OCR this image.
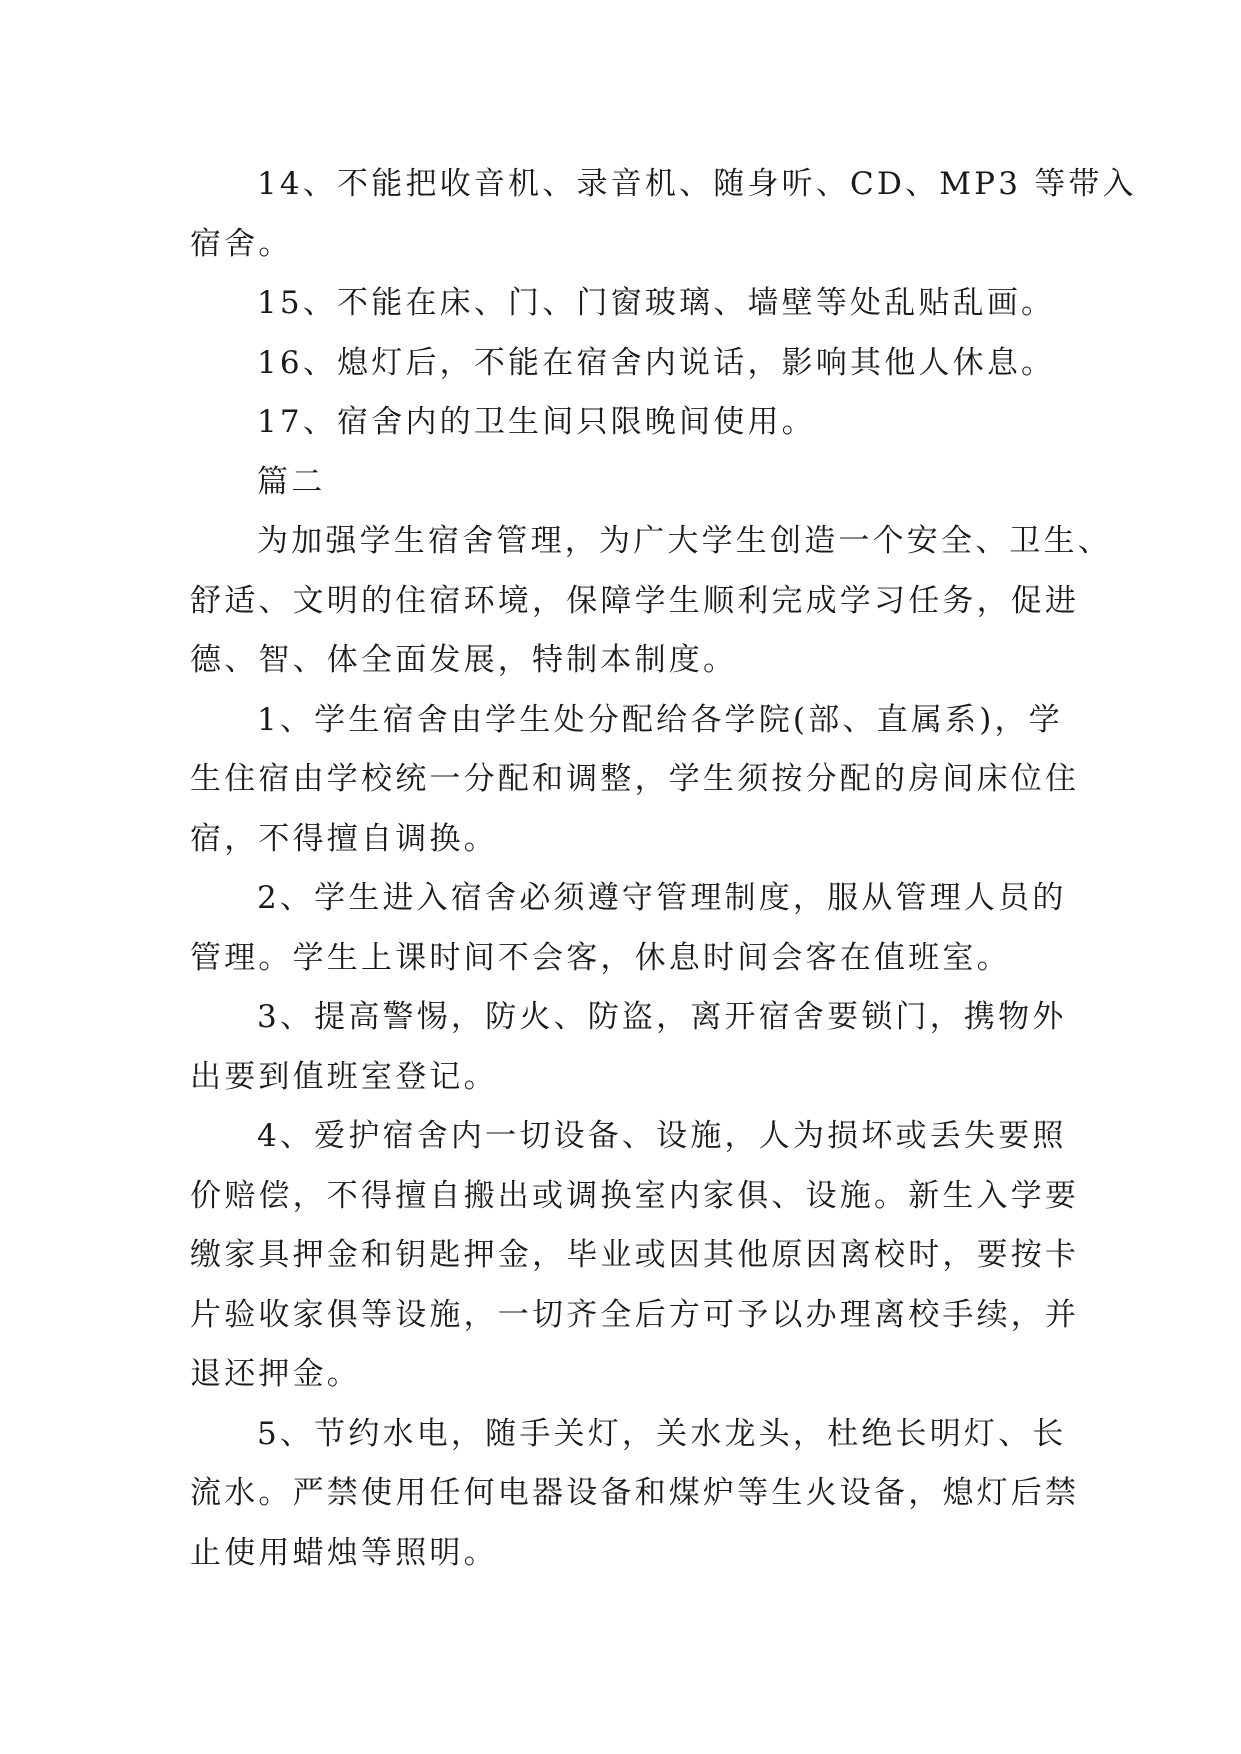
14、不能把收音机、录音机、随身听、CD、MP3 等带入
宿舍。
15、不能在床、门、门窗玻璃、墙壁等处乱贴乱画。
16、熄灯后，不能在宿舍内说话，影响其他人休息。
17、宿舍内的卫生间只限晚间使用。
篇二
为加强学生宿舍管理，为广大学生创造一个安全、卫生、
舒适、文明的住宿环境，保障学生顺利完成学习任务，促进
德、智、体全面发展，特制本制度。
1、学生宿舍由学生处分配给各学院(部、直属系)，学
生住宿由学校统一分配和调整，学生须按分配的房间床位住
宿，不得擅自调换。
2、学生进入宿舍必须遵守管理制度，服从管理人员的
管理。学生上课时间不会客，休息时间会客在值班室。
3、提高警惕，防火、防盗，离开宿舍要锁门，携物外
出要到值班室登记。
4、爱护宿舍内一切设备、设施，人为损坏或丢失要照
价赔偿，不得擅自搬出或调换室内家俱、设施。新生入学要
缴家具押金和钥匙押金，毕业或因其他原因离校时，要按卡
片验收家俱等设施，一切齐全后方可予以办理离校手续，并
退还押金。
5、节约水电，随手关灯，关水龙头，杜绝长明灯、长
流水。严禁使用任何电器设备和煤炉等生火设备，熄灯后禁
止使用蜡烛等照明。
